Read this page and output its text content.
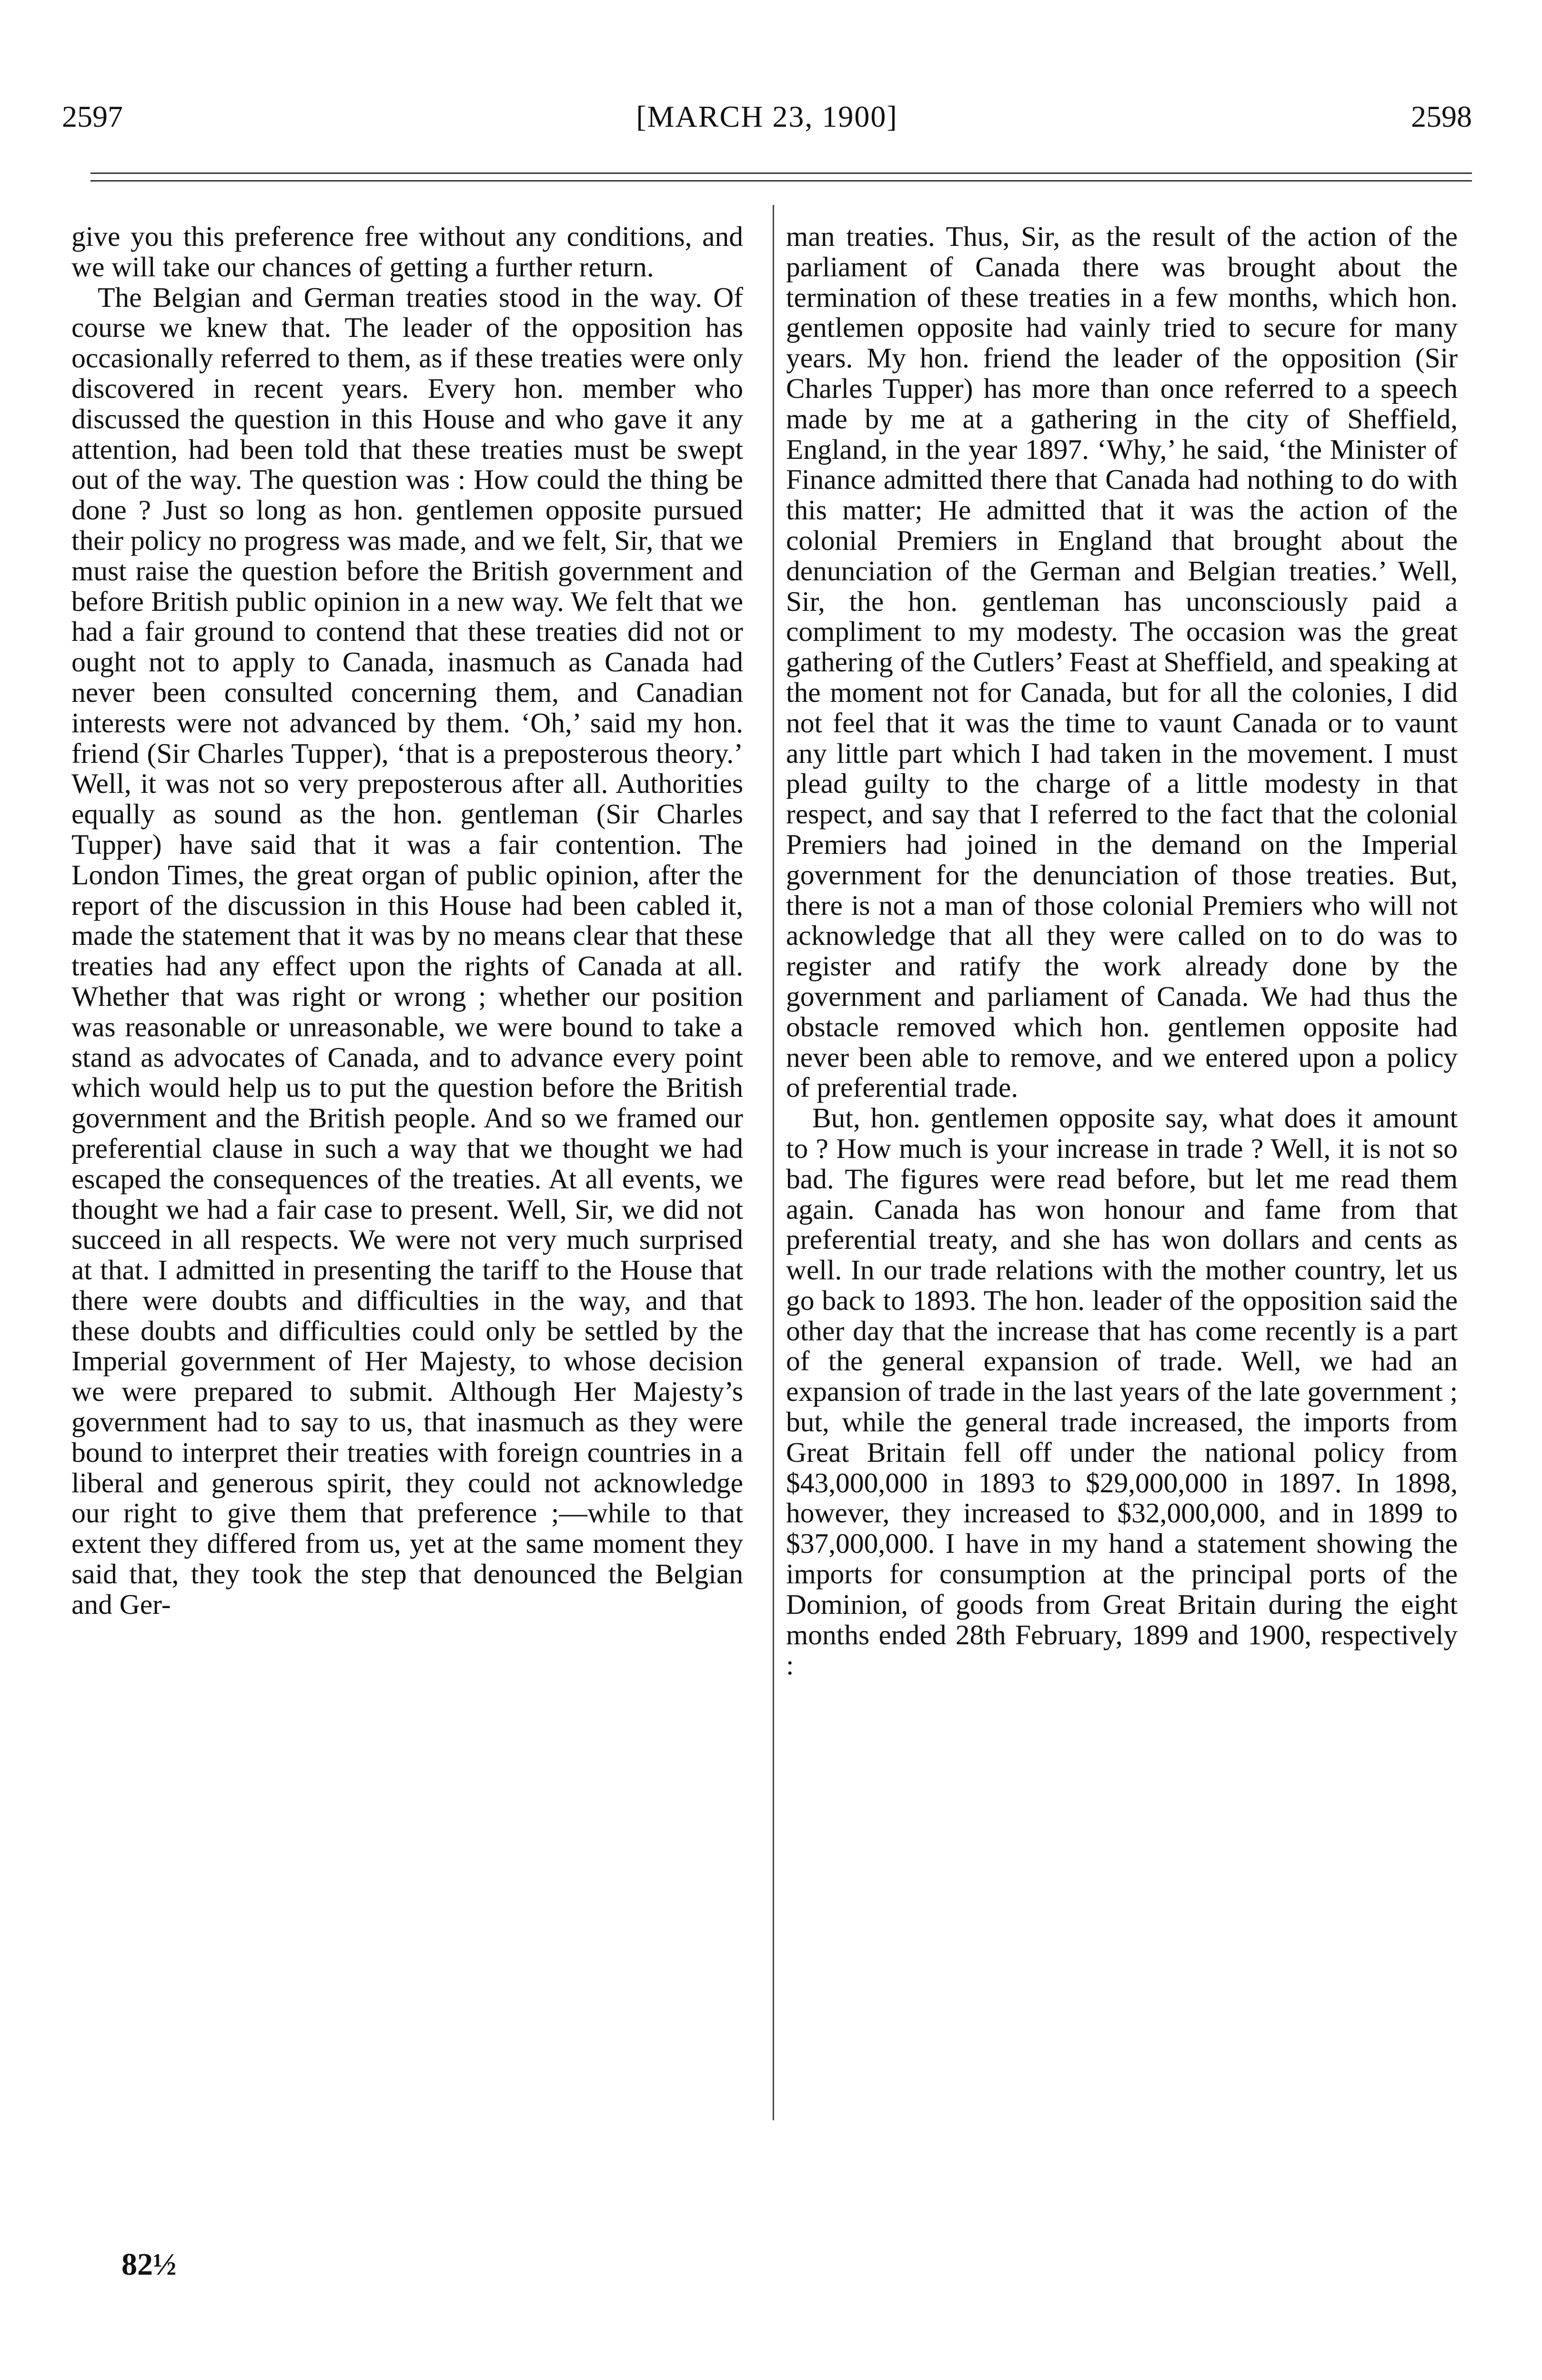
2597	[MARCH 23, 1900]	2598

give you this preference free without any conditions, and we will take our chances of getting a further return.

The Belgian and German treaties stood in the way. Of course we knew that. The leader of the opposition has occasionally referred to them, as if these treaties were only discovered in recent years. Every hon. member who discussed the question in this House and who gave it any attention, had been told that these treaties must be swept out of the way. The question was : How could the thing be done ? Just so long as hon. gentlemen opposite pursued their policy no progress was made, and we felt, Sir, that we must raise the question before the British government and before British public opinion in a new way. We felt that we had a fair ground to contend that these treaties did not or ought not to apply to Canada, inasmuch as Canada had never been consulted concerning them, and Canadian interests were not advanced by them. ‘Oh,’ said my hon. friend (Sir Charles Tupper), ‘that is a preposterous theory.’ Well, it was not so very preposterous after all. Authorities equally as sound as the hon. gentleman (Sir Charles Tupper) have said that it was a fair contention. The London Times, the great organ of public opinion, after the report of the discussion in this House had been cabled it, made the statement that it was by no means clear that these treaties had any effect upon the rights of Canada at all. Whether that was right or wrong ; whether our position was reasonable or unreasonable, we were bound to take a stand as advocates of Canada, and to advance every point which would help us to put the question before the British government and the British people. And so we framed our preferential clause in such a way that we thought we had escaped the consequences of the treaties. At all events, we thought we had a fair case to present. Well, Sir, we did not succeed in all respects. We were not very much surprised at that. I admitted in presenting the tariff to the House that there were doubts and difficulties in the way, and that these doubts and difficulties could only be settled by the Imperial government of Her Majesty, to whose decision we were prepared to submit. Although Her Majesty’s government had to say to us, that inasmuch as they were bound to interpret their treaties with foreign countries in a liberal and generous spirit, they could not acknowledge our right to give them that preference ;—while to that extent they differed from us, yet at the same moment they said that, they took the step that denounced the Belgian and Ger-

man treaties. Thus, Sir, as the result of the action of the parliament of Canada there was brought about the termination of these treaties in a few months, which hon. gentlemen opposite had vainly tried to secure for many years. My hon. friend the leader of the opposition (Sir Charles Tupper) has more than once referred to a speech made by me at a gathering in the city of Sheffield, England, in the year 1897. ‘Why,’ he said, ‘the Minister of Finance admitted there that Canada had nothing to do with this matter; He admitted that it was the action of the colonial Premiers in England that brought about the denunciation of the German and Belgian treaties.’ Well, Sir, the hon. gentleman has unconsciously paid a compliment to my modesty. The occasion was the great gathering of the Cutlers’ Feast at Sheffield, and speaking at the moment not for Canada, but for all the colonies, I did not feel that it was the time to vaunt Canada or to vaunt any little part which I had taken in the movement. I must plead guilty to the charge of a little modesty in that respect, and say that I referred to the fact that the colonial Premiers had joined in the demand on the Imperial government for the denunciation of those treaties. But, there is not a man of those colonial Premiers who will not acknowledge that all they were called on to do was to register and ratify the work already done by the government and parliament of Canada. We had thus the obstacle removed which hon. gentlemen opposite had never been able to remove, and we entered upon a policy of preferential trade.

But, hon. gentlemen opposite say, what does it amount to ? How much is your increase in trade ? Well, it is not so bad. The figures were read before, but let me read them again. Canada has won honour and fame from that preferential treaty, and she has won dollars and cents as well. In our trade relations with the mother country, let us go back to 1893. The hon. leader of the opposition said the other day that the increase that has come recently is a part of the general expansion of trade. Well, we had an expansion of trade in the last years of the late government ; but, while the general trade increased, the imports from Great Britain fell off under the national policy from $43,000,000 in 1893 to $29,000,000 in 1897. In 1898, however, they increased to $32,000,000, and in 1899 to $37,000,000. I have in my hand a statement showing the imports for consumption at the principal ports of the Dominion, of goods from Great Britain during the eight months ended 28th February, 1899 and 1900, respectively :

82½
